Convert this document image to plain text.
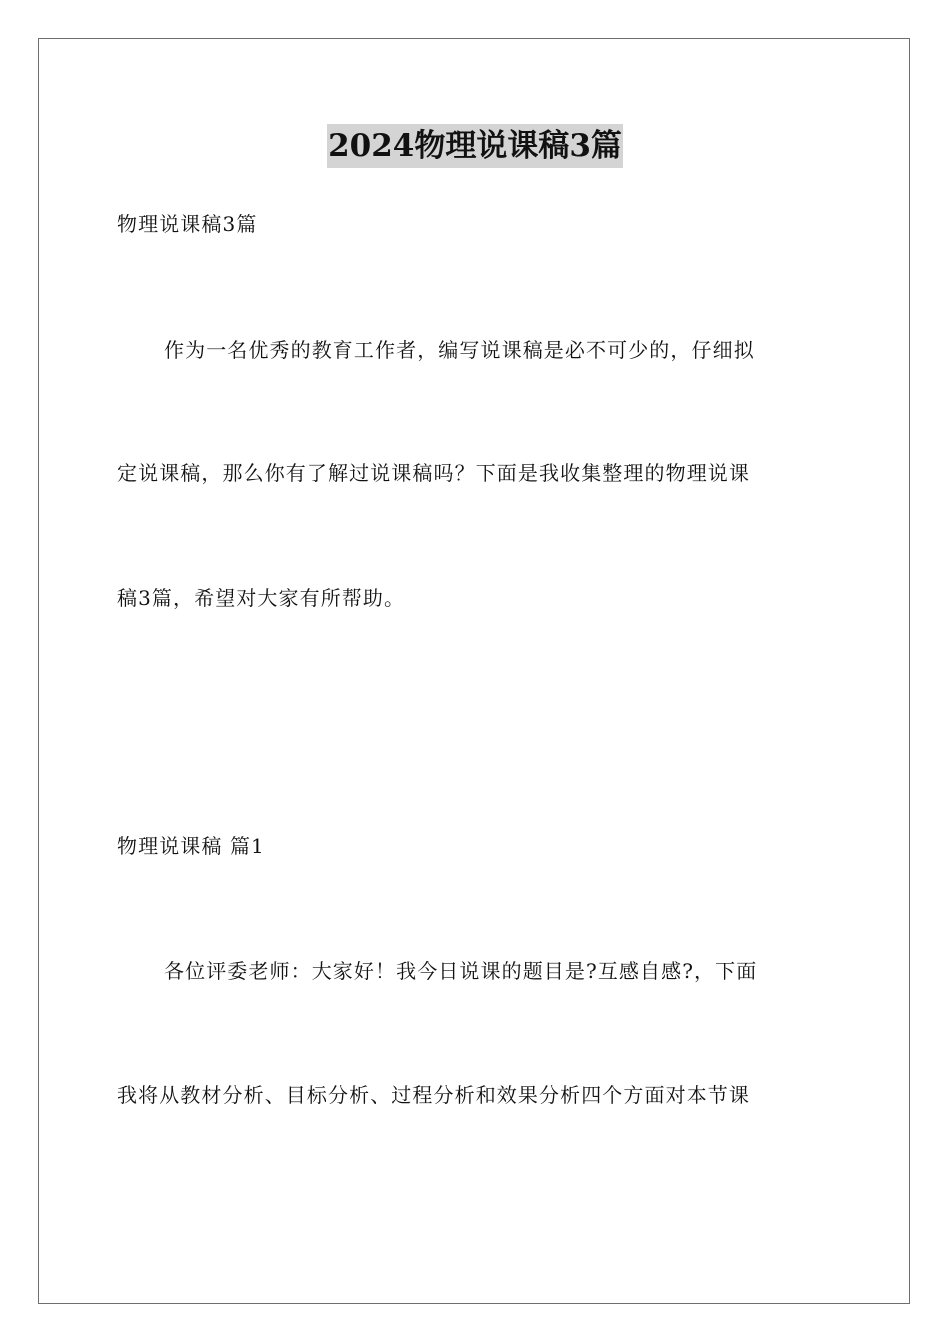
2024物理说课稿3篇
物理说课稿3篇
作为一名优秀的教育工作者，编写说课稿是必不可少的，仔细拟
定说课稿，那么你有了解过说课稿吗？下面是我收集整理的物理说课
稿3篇，希望对大家有所帮助。
物理说课稿 篇1
各位评委老师：大家好！我今日说课的题目是?互感自感?，下面
我将从教材分析、目标分析、过程分析和效果分析四个方面对本节课
